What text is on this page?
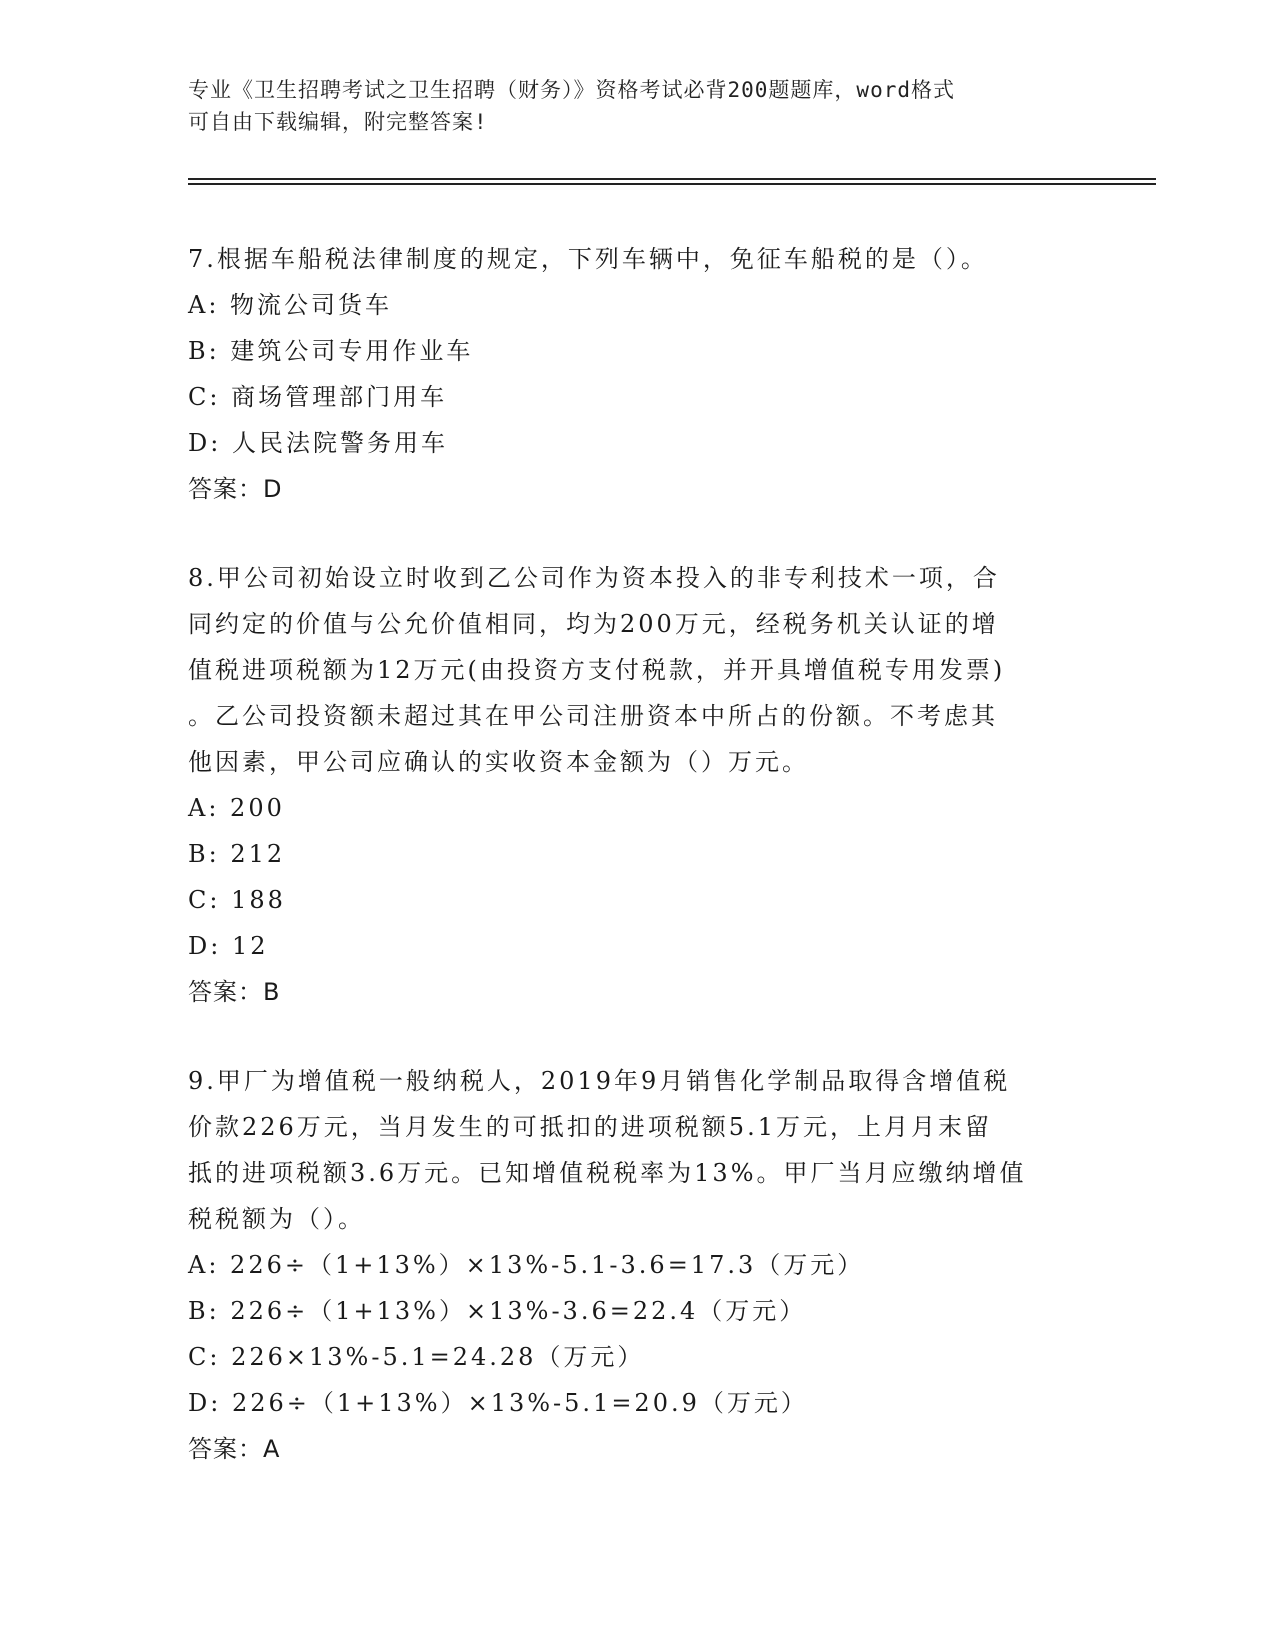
专业《卫生招聘考试之卫生招聘（财务）》资格考试必背200题题库，word格式
可自由下载编辑，附完整答案!

7.根据车船税法律制度的规定，下列车辆中，免征车船税的是（）。

A: 物流公司货车

B: 建筑公司专用作业车

C: 商场管理部门用车

D: 人民法院警务用车

答案：D

8.甲公司初始设立时收到乙公司作为资本投入的非专利技术一项，合

同约定的价值与公允价值相同，均为200万元，经税务机关认证的增

值税进项税额为12万元(由投资方支付税款，并开具增值税专用发票)

。乙公司投资额未超过其在甲公司注册资本中所占的份额。不考虑其

他因素，甲公司应确认的实收资本金额为（）万元。

A: 200

B: 212

C: 188

D: 12

答案：B

9.甲厂为增值税一般纳税人，2019年9月销售化学制品取得含增值税

价款226万元，当月发生的可抵扣的进项税额5.1万元，上月月末留

抵的进项税额3.6万元。已知增值税税率为13%。甲厂当月应缴纳增值

税税额为（）。

A: 226÷（1+13%）×13%-5.1-3.6=17.3（万元）

B: 226÷（1+13%）×13%-3.6=22.4（万元）

C: 226×13%-5.1=24.28（万元）

D: 226÷（1+13%）×13%-5.1=20.9（万元）

答案：A
